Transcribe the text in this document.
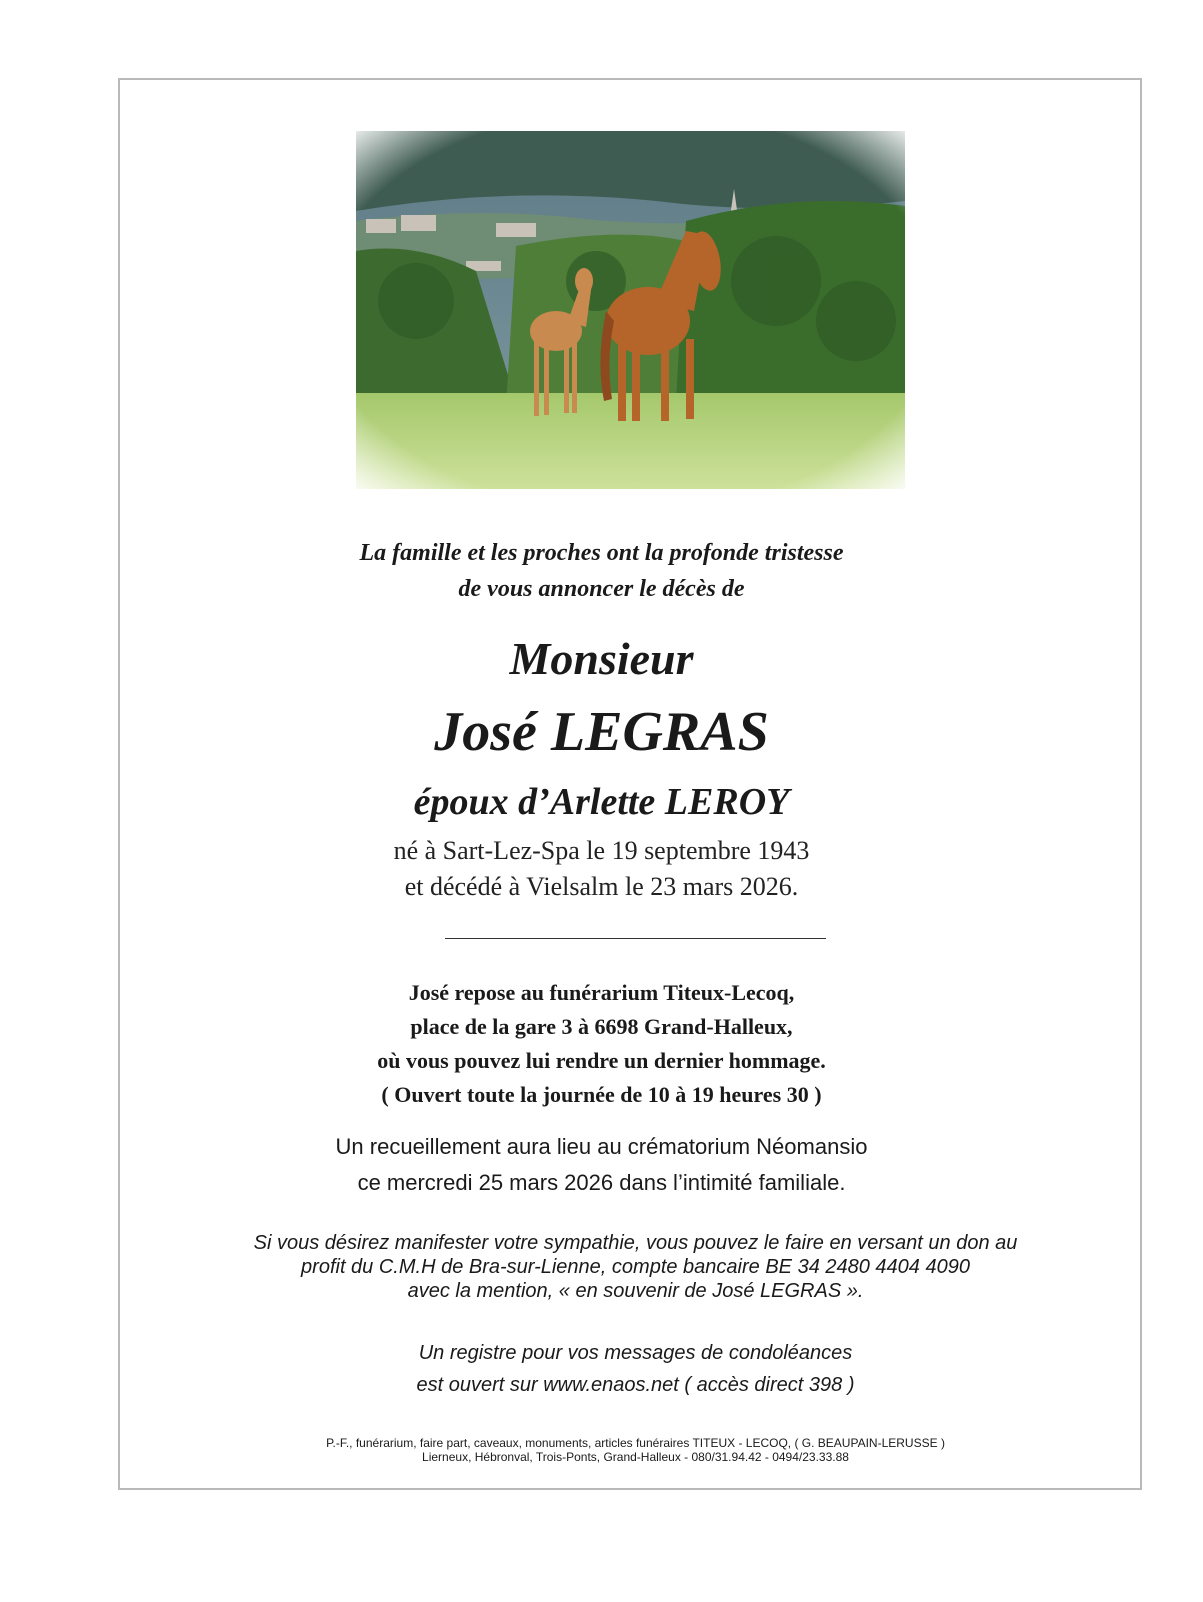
La famille et les proches ont la profonde tristesse
de vous annoncer le décès de
Monsieur
José LEGRAS
époux d’Arlette LEROY
né à Sart-Lez-Spa le 19 septembre 1943
et décédé à Vielsalm le 23 mars 2026.
José repose au funérarium Titeux-Lecoq,
place de la gare 3 à 6698 Grand-Halleux,
où vous pouvez lui rendre un dernier hommage.
( Ouvert toute la journée de 10 à 19 heures 30 )
Un recueillement aura lieu au crématorium Néomansio
ce mercredi 25 mars 2026 dans l’intimité familiale.
Si vous désirez manifester votre sympathie, vous pouvez le faire en versant un don au
profit du C.M.H de Bra-sur-Lienne, compte bancaire BE 34 2480 4404 4090
avec la mention, « en souvenir de José LEGRAS ».
Un registre pour vos messages de condoléances
est ouvert sur www.enaos.net ( accès direct 398 )
P.-F., funérarium, faire part, caveaux, monuments, articles funéraires TITEUX - LECOQ, ( G. BEAUPAIN-LERUSSE )
Lierneux, Hébronval, Trois-Ponts, Grand-Halleux - 080/31.94.42 - 0494/23.33.88
